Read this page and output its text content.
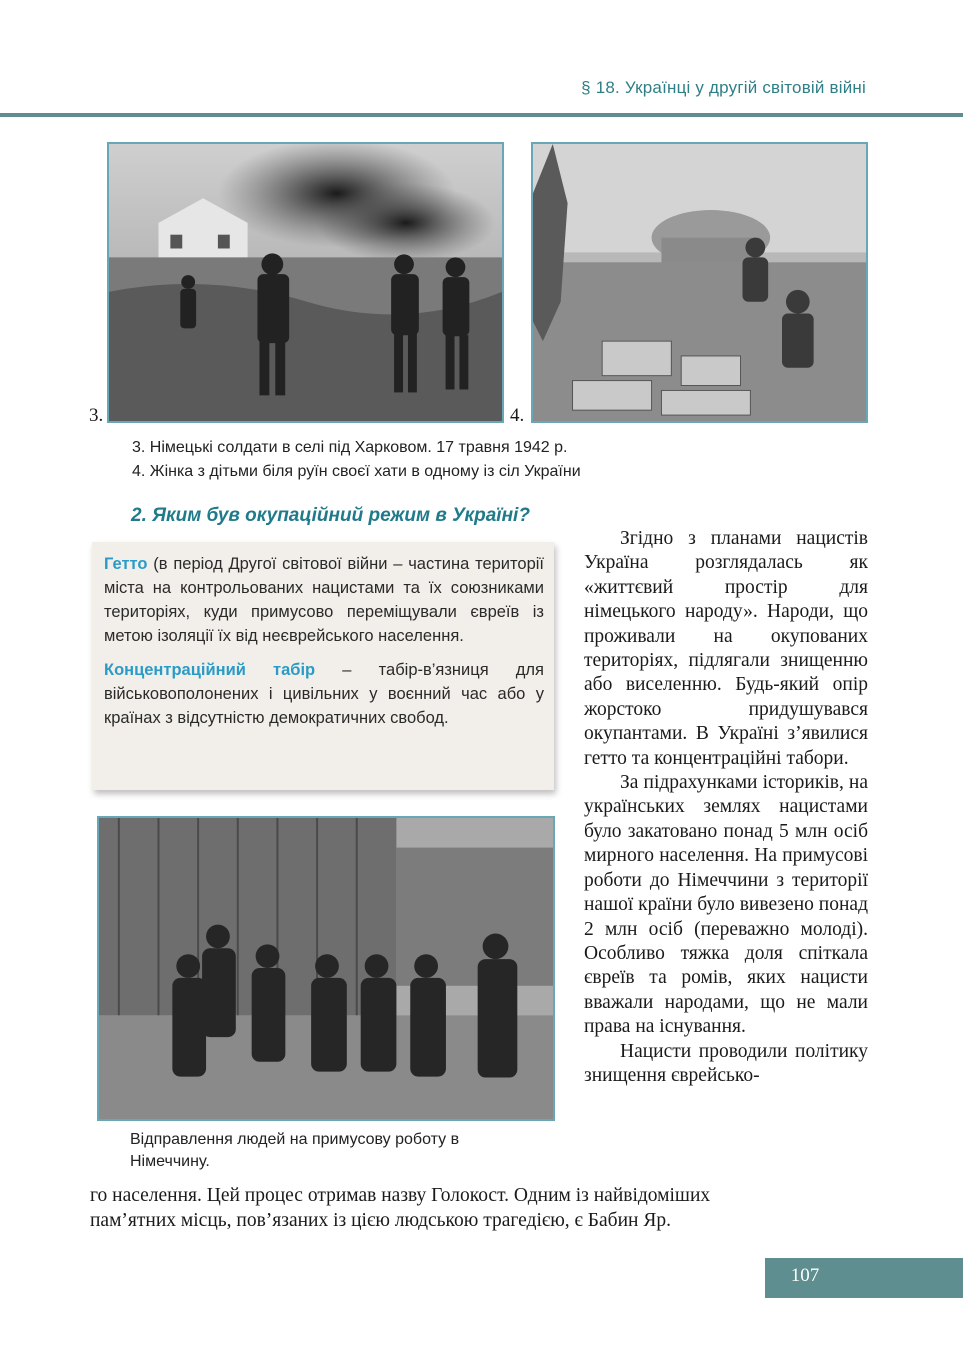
§ 18. Українці у другій світовій війні
3.	4.
3. Німецькі солдати в селі під Харковом. 17 травня 1942 р.
4. Жінка з дітьми біля руїн своєї хати в одному із сіл України
2. Яким був окупаційний режим в Україні?

Гетто (в період Другої світової війни – частина території міста на контрольованих нацистами та їх союзниками територіях, куди примусово переміщували євреїв із метою ізоляції їх від неєврейського населення.

Концентраційний табір – табір-в’язниця для військовополонених і цивільних у воєнний час або у країнах з відсутністю демократичних свобод.

Згідно з планами нацистів Україна розглядалась як «життєвий простір для німецького народу». Народи, що проживали на окупованих територіях, підлягали знищенню або виселенню. Будь-який опір жорстоко придушувався окупантами. В Україні з’явилися гетто та концентраційні табори.

За підрахунками істориків, на українських землях нацистами було закатовано понад 5 млн осіб мирного населення. На примусові роботи до Німеччини з території нашої країни було вивезено понад 2 млн осіб (переважно молоді). Особливо тяжка доля спіткала євреїв та ромів, яких нацисти вважали народами, що не мали права на існування.

Нацисти проводили політику знищення єврейсько-

Відправлення людей на примусову роботу в Німеччину.
го населення. Цей процес отримав назву Голокост. Одним із найвідоміших
пам’ятних місць, пов’язаних із цією людською трагедією, є Бабин Яр.
107
